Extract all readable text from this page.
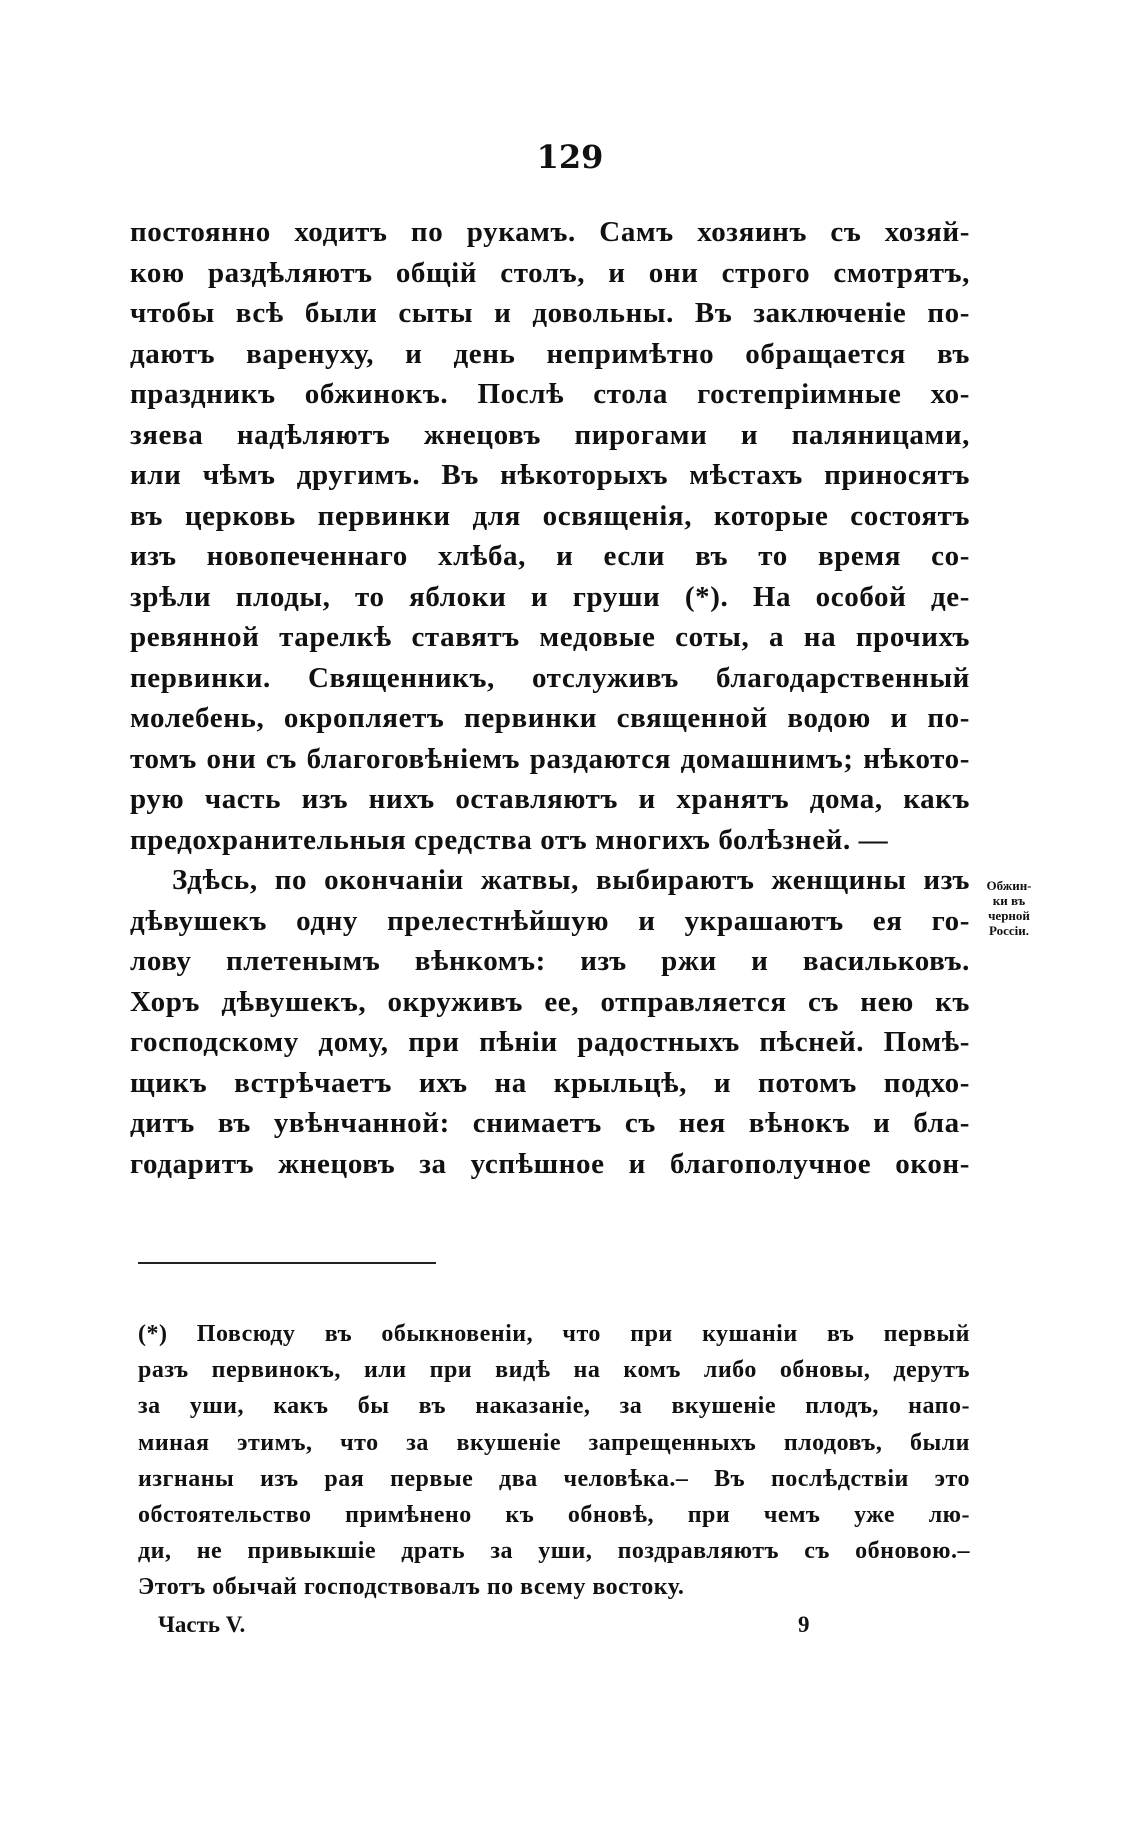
129
постоянно ходитъ по рукамъ. Самъ хозяинъ съ хозяй-
кою раздѣляютъ общій столъ, и они строго смотрятъ,
чтобы всѣ были сыты и довольны. Въ заключеніе по-
даютъ варенуху, и день непримѣтно обращается въ
праздникъ обжинокъ. Послѣ стола гостепріимные хо-
зяева надѣляютъ жнецовъ пирогами и паляницами,
или чѣмъ другимъ. Въ нѣкоторыхъ мѣстахъ приносятъ
въ церковь первинки для освященія, которые состоятъ
изъ новопеченнаго хлѣба, и если въ то время со-
зрѣли плоды, то яблоки и груши (*). На особой де-
ревянной тарелкѣ ставятъ медовые соты, а на прочихъ
первинки. Священникъ, отслуживъ благодарственный
молебень, окропляетъ первинки священной водою и по-
томъ они съ благоговѣніемъ раздаются домашнимъ; нѣкото-
рую часть изъ нихъ оставляютъ и хранятъ дома, какъ
предохранительныя средства отъ многихъ болѣзней. —
Здѣсь, по окончаніи жатвы, выбираютъ женщины изъ
дѣвушекъ одну прелестнѣйшую и украшаютъ ея го-
лову плетенымъ вѣнкомъ: изъ ржи и васильковъ.
Хоръ дѣвушекъ, окруживъ ее, отправляется съ нею къ
господскому дому, при пѣніи радостныхъ пѣсней. Помѣ-
щикъ встрѣчаетъ ихъ на крыльцѣ, и потомъ подхо-
дитъ въ увѣнчанной: снимаетъ съ нея вѣнокъ и бла-
годаритъ жнецовъ за успѣшное и благополучное окон-
Обжин-
ки въ
черной
Россіи.
(*) Повсюду въ обыкновеніи, что при кушаніи въ первый
разъ первинокъ, или при видѣ на комъ либо обновы, дерутъ
за уши, какъ бы въ наказаніе, за вкушеніе плодъ, напо-
миная этимъ, что за вкушеніе запрещенныхъ плодовъ, были
изгнаны изъ рая первые два человѣка.– Въ послѣдствіи это
обстоятельство примѣнено къ обновѣ, при чемъ уже лю-
ди, не привыкшіе драть за уши, поздравляютъ съ обновою.–
Этотъ обычай господствовалъ по всему востоку.
Часть V.	9
